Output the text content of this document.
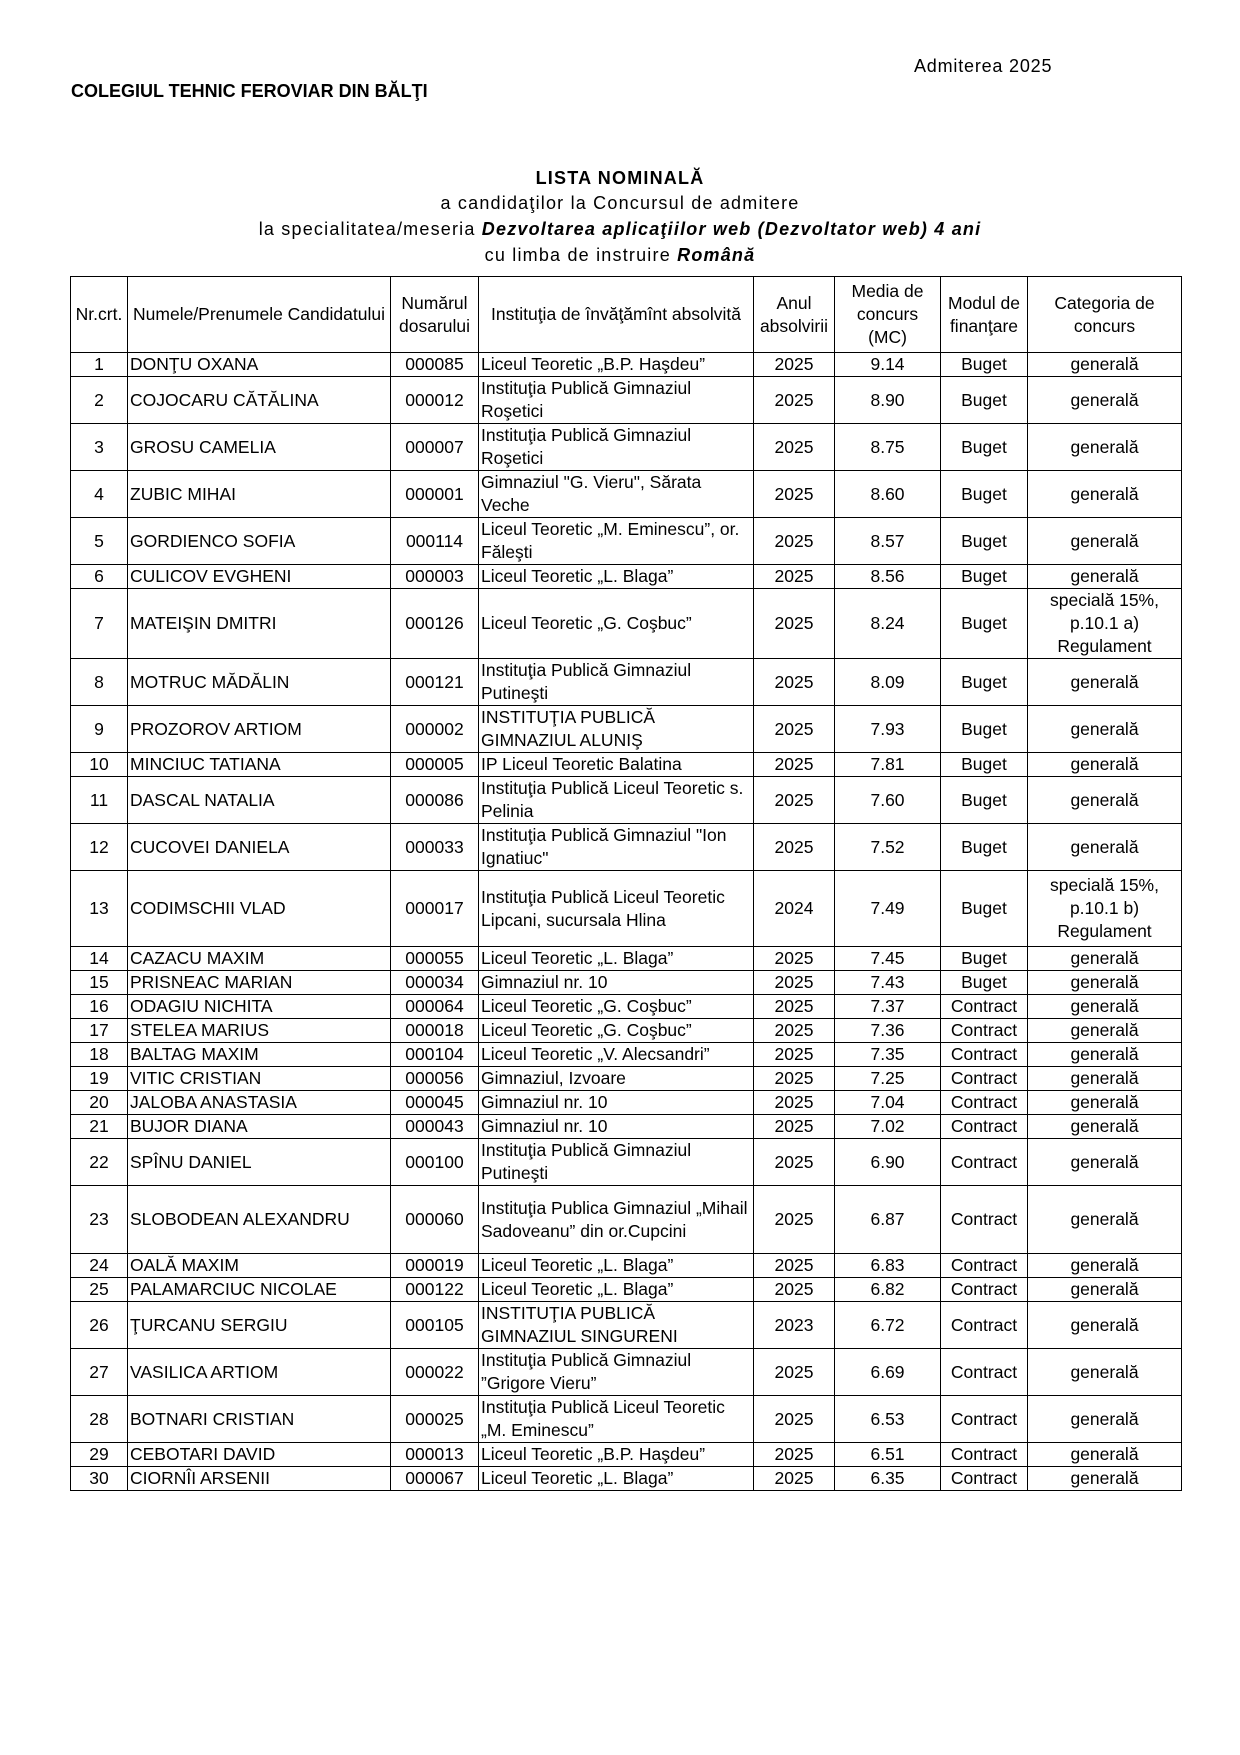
Admiterea 2025
COLEGIUL TEHNIC FEROVIAR DIN BĂLŢI
LISTA NOMINALĂ
a candidaţilor la Concursul de admitere
la specialitatea/meseria Dezvoltarea aplicaţiilor web (Dezvoltator web) 4 ani
cu limba de instruire Română
Nr.crt.	Numele/Prenumele Candidatului	Numărul dosarului	Instituţia de învăţămînt absolvită	Anul absolvirii	Media de concurs (MC)	Modul de finanţare	Categoria de concurs
1	DONŢU OXANA	000085	Liceul Teoretic „B.P. Haşdeu”	2025	9.14	Buget	generală
2	COJOCARU CĂTĂLINA	000012	Instituţia Publică Gimnaziul Roşetici	2025	8.90	Buget	generală
3	GROSU CAMELIA	000007	Instituţia Publică Gimnaziul Roşetici	2025	8.75	Buget	generală
4	ZUBIC MIHAI	000001	Gimnaziul "G. Vieru", Sărata Veche	2025	8.60	Buget	generală
5	GORDIENCO SOFIA	000114	Liceul Teoretic „M. Eminescu”, or. Făleşti	2025	8.57	Buget	generală
6	CULICOV EVGHENI	000003	Liceul Teoretic „L. Blaga”	2025	8.56	Buget	generală
7	MATEIŞIN DMITRI	000126	Liceul Teoretic „G. Coşbuc”	2025	8.24	Buget	specială 15%, p.10.1 a) Regulament
8	MOTRUC MĂDĂLIN	000121	Instituţia Publică Gimnaziul Putineşti	2025	8.09	Buget	generală
9	PROZOROV ARTIOM	000002	INSTITUŢIA PUBLICĂ GIMNAZIUL ALUNIŞ	2025	7.93	Buget	generală
10	MINCIUC TATIANA	000005	IP Liceul Teoretic Balatina	2025	7.81	Buget	generală
11	DASCAL NATALIA	000086	Instituţia Publică Liceul Teoretic s. Pelinia	2025	7.60	Buget	generală
12	CUCOVEI DANIELA	000033	Instituţia Publică Gimnaziul "Ion Ignatiuc"	2025	7.52	Buget	generală
13	CODIMSCHII VLAD	000017	Instituţia Publică Liceul Teoretic Lipcani, sucursala Hlina	2024	7.49	Buget	specială 15%, p.10.1 b) Regulament
14	CAZACU MAXIM	000055	Liceul Teoretic „L. Blaga”	2025	7.45	Buget	generală
15	PRISNEAC MARIAN	000034	Gimnaziul nr. 10	2025	7.43	Buget	generală
16	ODAGIU NICHITA	000064	Liceul Teoretic „G. Coşbuc”	2025	7.37	Contract	generală
17	STELEA MARIUS	000018	Liceul Teoretic „G. Coşbuc”	2025	7.36	Contract	generală
18	BALTAG MAXIM	000104	Liceul Teoretic „V. Alecsandri”	2025	7.35	Contract	generală
19	VITIC CRISTIAN	000056	Gimnaziul, Izvoare	2025	7.25	Contract	generală
20	JALOBA ANASTASIA	000045	Gimnaziul nr. 10	2025	7.04	Contract	generală
21	BUJOR DIANA	000043	Gimnaziul nr. 10	2025	7.02	Contract	generală
22	SPÎNU DANIEL	000100	Instituţia Publică Gimnaziul Putineşti	2025	6.90	Contract	generală
23	SLOBODEAN ALEXANDRU	000060	Instituţia Publica Gimnaziul „Mihail Sadoveanu” din or.Cupcini	2025	6.87	Contract	generală
24	OALĂ MAXIM	000019	Liceul Teoretic „L. Blaga”	2025	6.83	Contract	generală
25	PALAMARCIUC NICOLAE	000122	Liceul Teoretic „L. Blaga”	2025	6.82	Contract	generală
26	ŢURCANU SERGIU	000105	INSTITUŢIA PUBLICĂ GIMNAZIUL SINGURENI	2023	6.72	Contract	generală
27	VASILICA ARTIOM	000022	Instituţia Publică Gimnaziul ”Grigore Vieru”	2025	6.69	Contract	generală
28	BOTNARI CRISTIAN	000025	Instituţia Publică Liceul Teoretic „M. Eminescu”	2025	6.53	Contract	generală
29	CEBOTARI DAVID	000013	Liceul Teoretic „B.P. Haşdeu”	2025	6.51	Contract	generală
30	CIORNÎI ARSENII	000067	Liceul Teoretic „L. Blaga”	2025	6.35	Contract	generală
